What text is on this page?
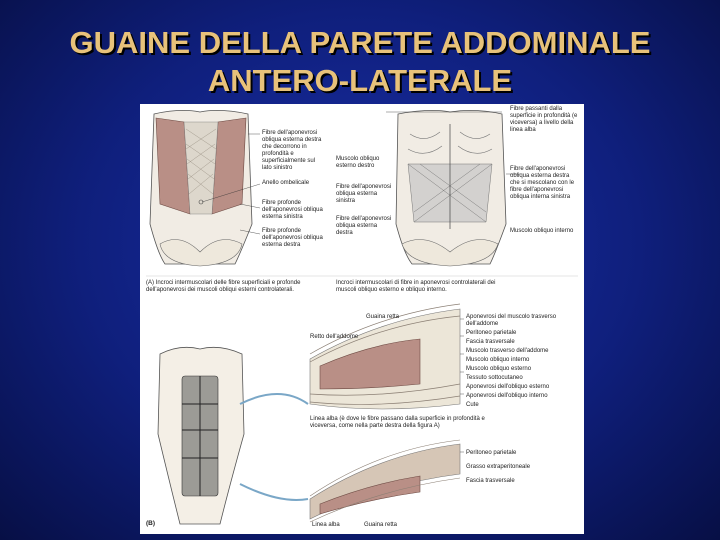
GUAINE DELLA PARETE ADDOMINALE
ANTERO-LATERALE
Fibre dell'aponevrosi obliqua esterna destra che decorrono in profondità e superficialmente sul lato sinistro
Anello ombelicale
Fibre profonde dell'aponevrosi obliqua esterna sinistra
Fibre profonde dell'aponevrosi obliqua esterna destra
Muscolo obliquo esterno destro
Fibre dell'aponevrosi obliqua esterna sinistra
Fibre dell'aponevrosi obliqua esterna destra
Fibre passanti dalla superficie in profondità (e viceversa) a livello della linea alba
Fibre dell'aponevrosi obliqua esterna destra che si mescolano con le fibre dell'aponevrosi obliqua interna sinistra
Muscolo obliquo interno
(A) Incroci intermuscolari delle fibre superficiali e profonde dell'aponevrosi dei muscoli obliqui esterni controlaterali.
Incroci intermuscolari di fibre in aponevrosi controlaterali dei muscoli obliquo esterno e obliquo interno.
Guaina retta
Retto dell'addome
Aponevrosi del muscolo trasverso dell'addome
Peritoneo parietale
Fascia trasversale
Muscolo trasverso dell'addome
Muscolo obliquo interno
Muscolo obliquo esterno
Tessuto sottocutaneo
Aponevrosi dell'obliquo esterno
Aponevrosi dell'obliquo interno
Cute
Linea alba (è dove le fibre passano dalla superficie in profondità e viceversa, come nella parte destra della figura A)
Peritoneo parietale
Grasso extraperitoneale
Fascia trasversale
(B)	Linea alba	Guaina retta
